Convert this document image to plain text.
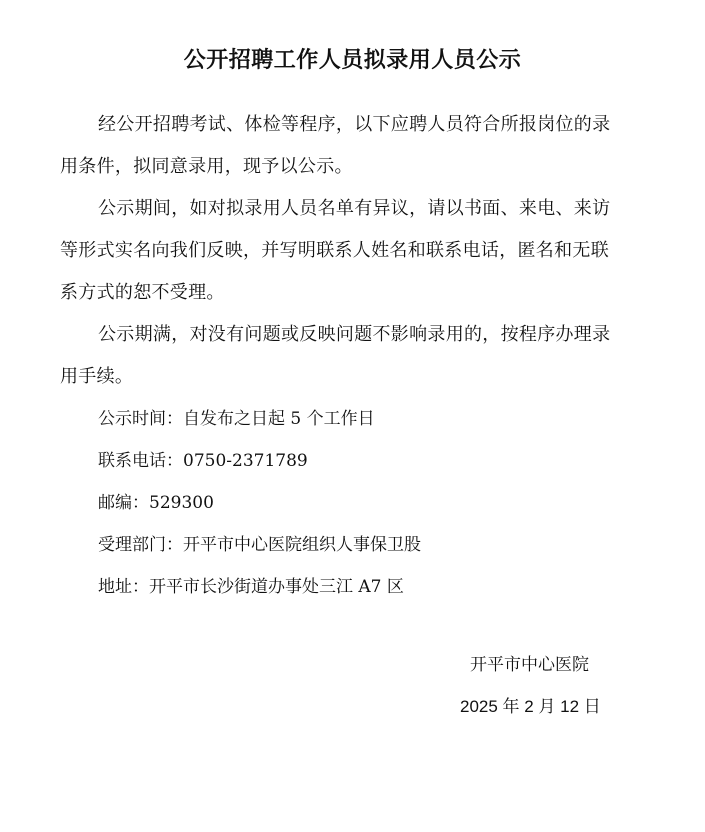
公开招聘工作人员拟录用人员公示

经公开招聘考试、体检等程序，以下应聘人员符合所报岗位的录用条件，拟同意录用，现予以公示。

公示期间，如对拟录用人员名单有异议，请以书面、来电、来访等形式实名向我们反映，并写明联系人姓名和联系电话，匿名和无联系方式的恕不受理。

公示期满，对没有问题或反映问题不影响录用的，按程序办理录用手续。

公示时间：自发布之日起 5 个工作日

联系电话：0750-2371789

邮编：529300

受理部门：开平市中心医院组织人事保卫股

地址：开平市长沙街道办事处三江 A7 区

开平市中心医院

2025 年 2 月 12 日
